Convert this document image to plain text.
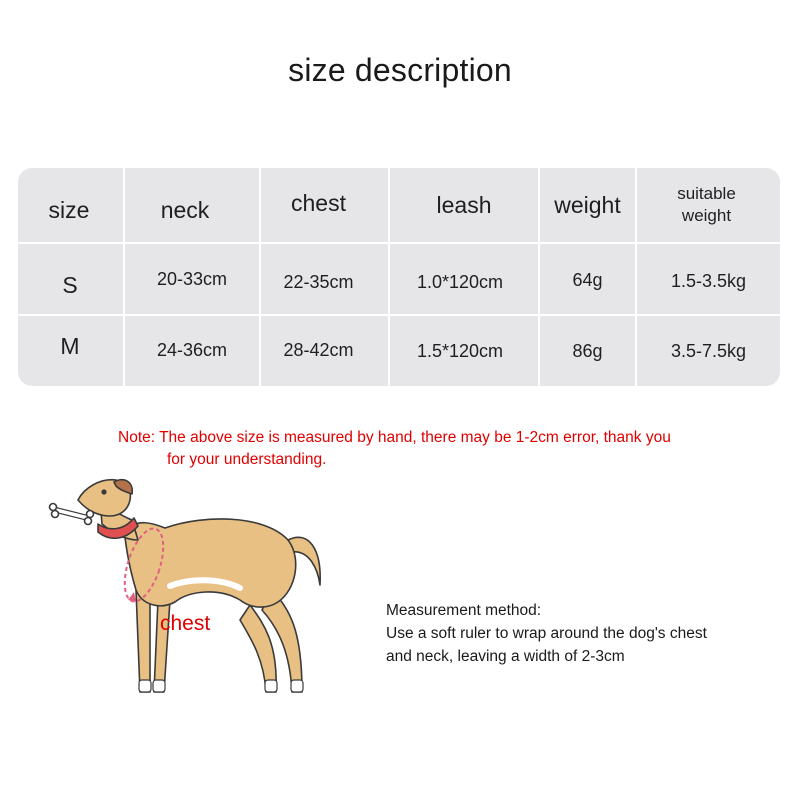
size description
size	neck	chest	leash	weight	suitable weight
S	20-33cm	22-35cm	1.0*120cm	64g	1.5-3.5kg
M	24-36cm	28-42cm	1.5*120cm	86g	3.5-7.5kg
Note: The above size is measured by hand, there may be 1-2cm error, thank you
for your understanding.
chest
Measurement method:
Use a soft ruler to wrap around the dog's chest
and neck, leaving a width of 2-3cm
